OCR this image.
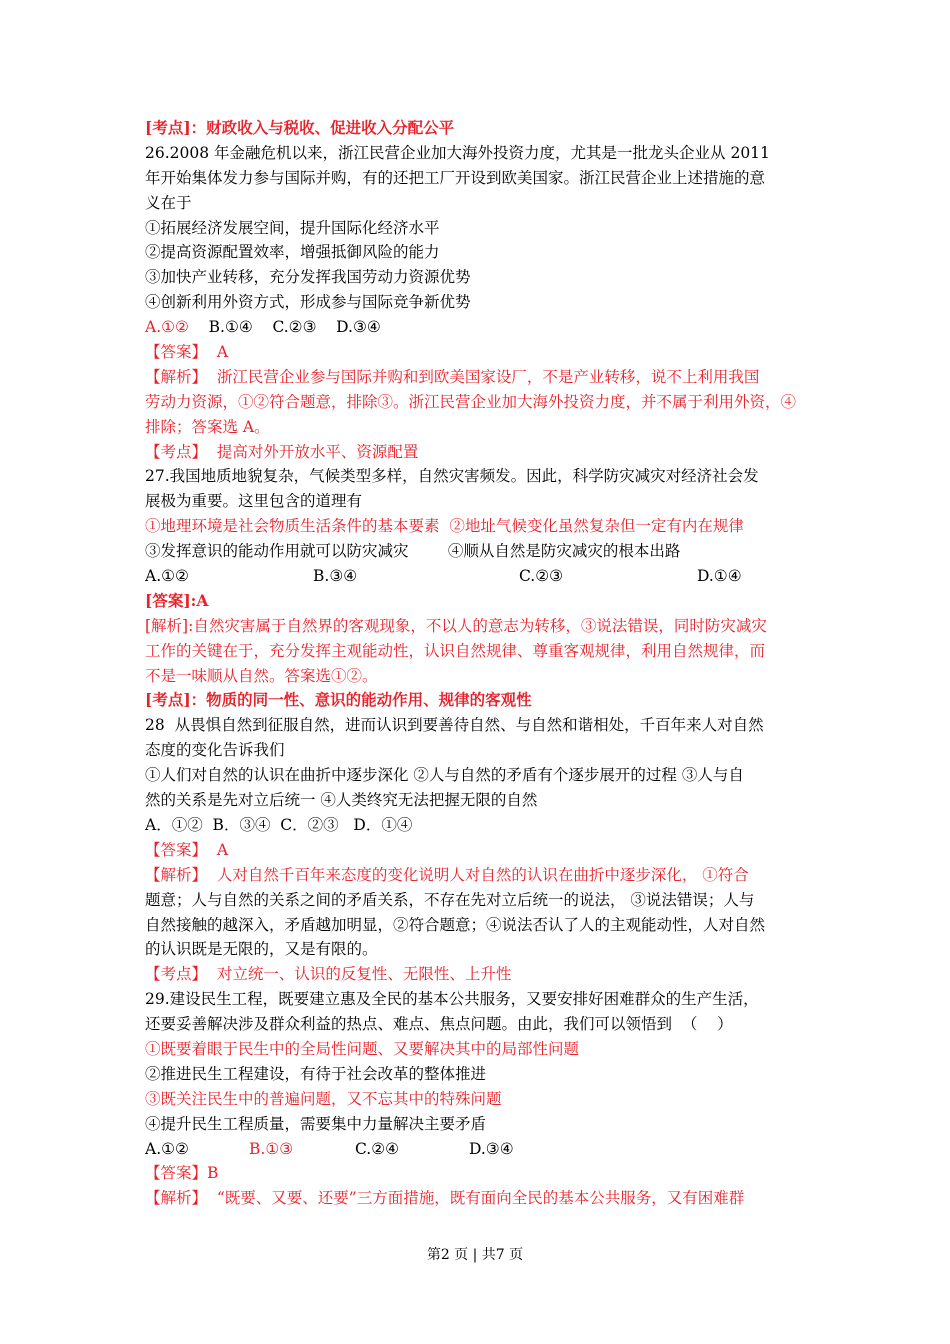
[考点]：财政收入与税收、促进收入分配公平
26.2008 年金融危机以来，浙江民营企业加大海外投资力度，尤其是一批龙头企业从 2011
年开始集体发力参与国际并购，有的还把工厂开设到欧美国家。浙江民营企业上述措施的意
义在于
①拓展经济发展空间，提升国际化经济水平
②提高资源配置效率，增强抵御风险的能力
③加快产业转移，充分发挥我国劳动力资源优势
④创新利用外资方式，形成参与国际竞争新优势
A.①②    B.①④    C.②③    D.③④
【答案】  A
【解析】  浙江民营企业参与国际并购和到欧美国家设厂，不是产业转移，说不上利用我国
劳动力资源，①②符合题意，排除③。浙江民营企业加大海外投资力度，并不属于利用外资，④
排除；答案选 A。
【考点】  提高对外开放水平、资源配置
27.我国地质地貌复杂，气候类型多样，自然灾害频发。因此，科学防灾减灾对经济社会发
展极为重要。这里包含的道理有
①地理环境是社会物质生活条件的基本要素  ②地址气候变化虽然复杂但一定有内在规律
③发挥意识的能动作用就可以防灾减灾        ④顺从自然是防灾减灾的根本出路
A.①②	B.③④	C.②③	D.①④
[答案]:A
[解析]:自然灾害属于自然界的客观现象，不以人的意志为转移，③说法错误，同时防灾减灾
工作的关键在于，充分发挥主观能动性，认识自然规律、尊重客观规律，利用自然规律，而
不是一味顺从自然。答案选①②。
[考点]：物质的同一性、意识的能动作用、规律的客观性
28  从畏惧自然到征服自然，进而认识到要善待自然、与自然和谐相处，千百年来人对自然
态度的变化告诉我们
①人们对自然的认识在曲折中逐步深化 ②人与自然的矛盾有个逐步展开的过程 ③人与自
然的关系是先对立后统一 ④人类终究无法把握无限的自然
A．①②  B．③④  C．②③   D．①④
【答案】  A
【解析】  人对自然千百年来态度的变化说明人对自然的认识在曲折中逐步深化， ①符合
题意；人与自然的关系之间的矛盾关系，不存在先对立后统一的说法， ③说法错误；人与
自然接触的越深入，矛盾越加明显，②符合题意；④说法否认了人的主观能动性，人对自然
的认识既是无限的，又是有限的。
【考点】  对立统一、认识的反复性、无限性、上升性
29.建设民生工程，既要建立惠及全民的基本公共服务，又要安排好困难群众的生产生活，
还要妥善解决涉及群众利益的热点、难点、焦点问题。由此，我们可以领悟到  （    ）
①既要着眼于民生中的全局性问题、又要解决其中的局部性问题
②推进民生工程建设，有待于社会改革的整体推进
③既关注民生中的普遍问题，又不忘其中的特殊问题
④提升民生工程质量，需要集中力量解决主要矛盾
A.①②	B.①③	C.②④	D.③④
【答案】B
【解析】  “既要、又要、还要”三方面措施，既有面向全民的基本公共服务，又有困难群
第2 页 | 共7 页
